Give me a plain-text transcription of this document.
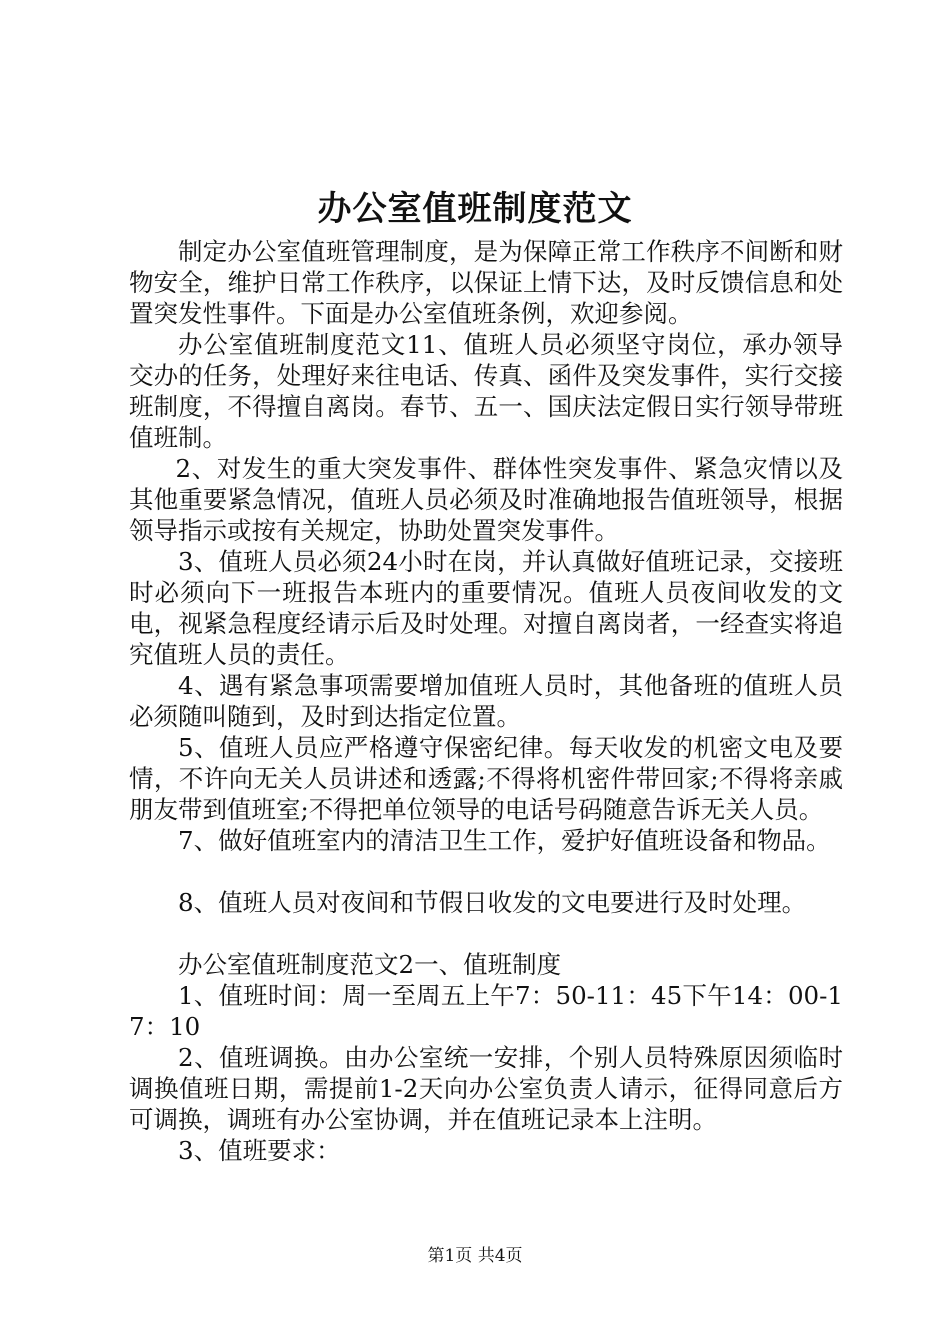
办公室值班制度范文

制定办公室值班管理制度，是为保障正常工作秩序不间断和财物安全，维护日常工作秩序，以保证上情下达，及时反馈信息和处置突发性事件。下面是办公室值班条例，欢迎参阅。

办公室值班制度范文11、值班人员必须坚守岗位，承办领导交办的任务，处理好来往电话、传真、函件及突发事件，实行交接班制度，不得擅自离岗。春节、五一、国庆法定假日实行领导带班值班制。

2、对发生的重大突发事件、群体性突发事件、紧急灾情以及其他重要紧急情况，值班人员必须及时准确地报告值班领导，根据领导指示或按有关规定，协助处置突发事件。

3、值班人员必须24小时在岗，并认真做好值班记录，交接班时必须向下一班报告本班内的重要情况。值班人员夜间收发的文电，视紧急程度经请示后及时处理。对擅自离岗者，一经查实将追究值班人员的责任。

4、遇有紧急事项需要增加值班人员时，其他备班的值班人员必须随叫随到，及时到达指定位置。

5、值班人员应严格遵守保密纪律。每天收发的机密文电及要情，不许向无关人员讲述和透露;不得将机密件带回家;不得将亲戚朋友带到值班室;不得把单位领导的电话号码随意告诉无关人员。

7、做好值班室内的清洁卫生工作，爱护好值班设备和物品。

8、值班人员对夜间和节假日收发的文电要进行及时处理。

办公室值班制度范文2一、值班制度

1、值班时间：周一至周五上午7：50-11：45下午14：00-17：10

2、值班调换。由办公室统一安排，个别人员特殊原因须临时调换值班日期，需提前1-2天向办公室负责人请示，征得同意后方可调换，调班有办公室协调，并在值班记录本上注明。

3、值班要求：

第1页 共4页
